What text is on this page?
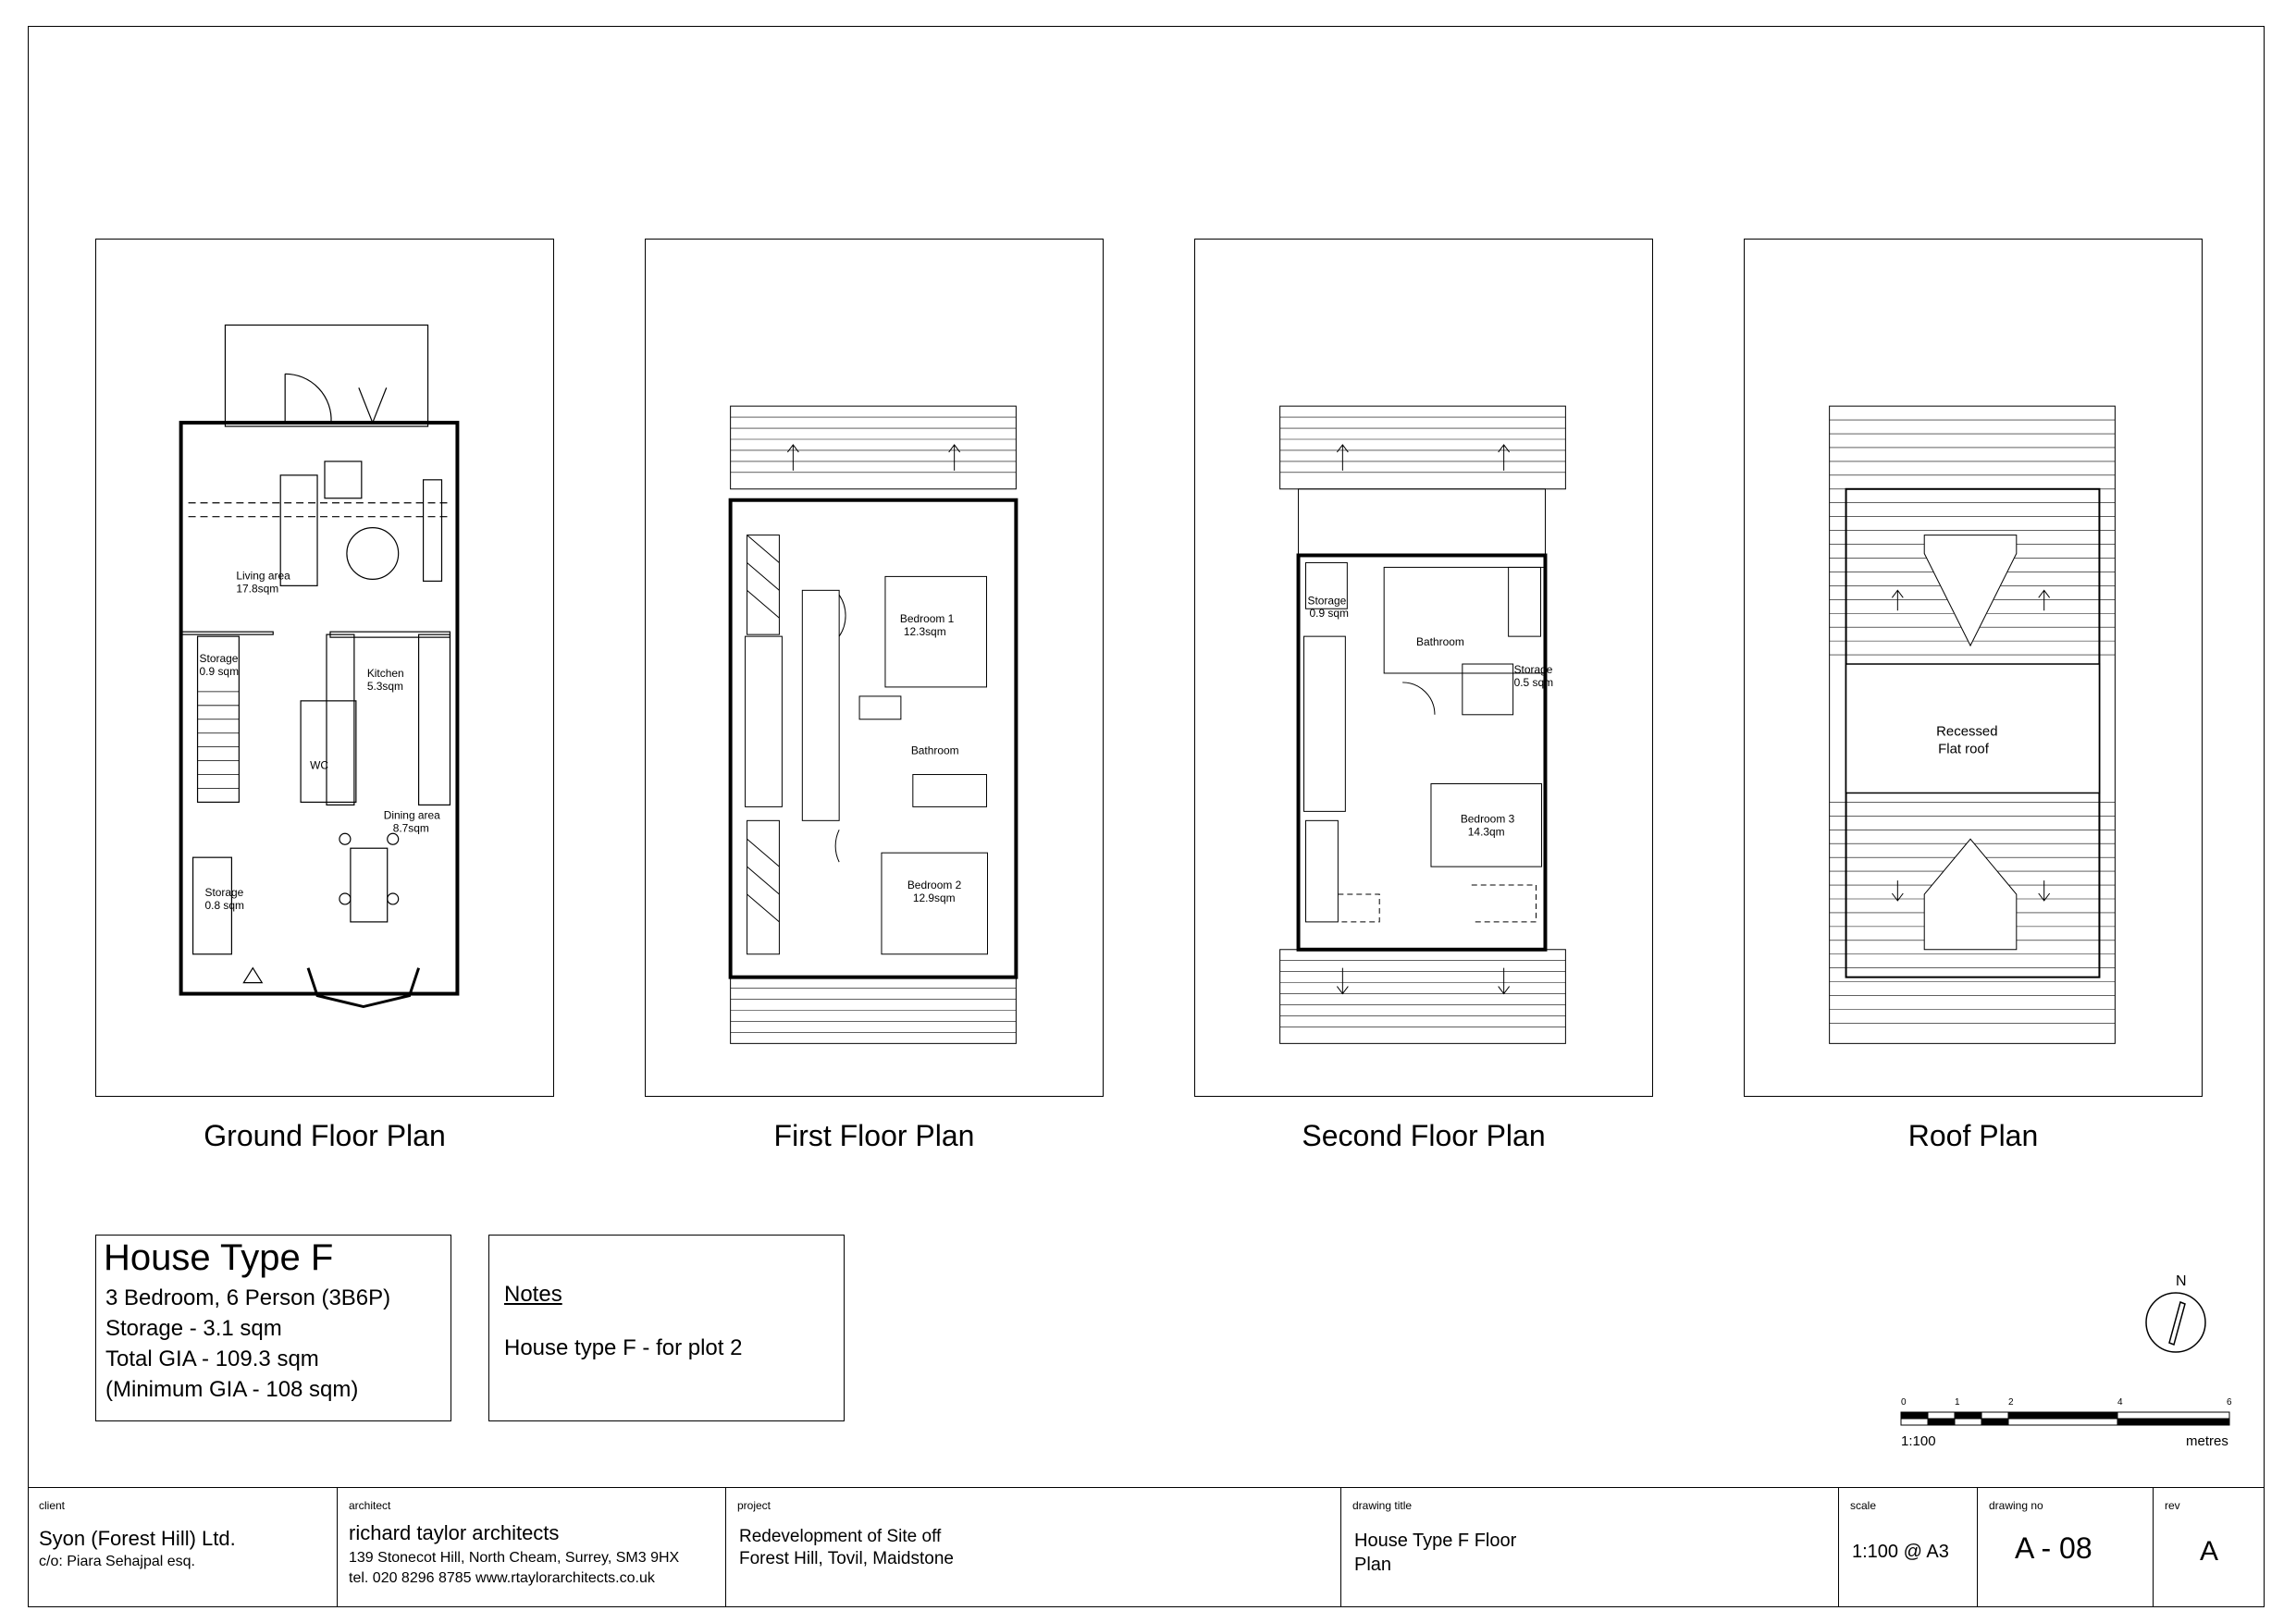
Living area
17.8sqm
Storage
0.9 sqm	Kitchen
5.3sqm
WC
Dining area
8.7sqm
Storage
0.8 sqm
Ground Floor Plan
Bedroom 1
12.3sqm
Bathroom
Bedroom 2
12.9sqm
First Floor Plan
Storage
0.9 sqm
Bathroom
Storage
0.5 sqm
Bedroom 3
14.3qm
Second Floor Plan
Recessed
Flat roof
Roof Plan
House Type F
3 Bedroom, 6 Person (3B6P)
Storage - 3.1 sqm
Total GIA - 109.3 sqm
(Minimum GIA - 108 sqm)
Notes
House type F - for plot 2
N
0	1	2	4	6
1:100	metres
client
Syon (Forest Hill) Ltd.
c/o: Piara Sehajpal esq.
architect
richard taylor architects
139 Stonecot Hill, North Cheam, Surrey, SM3 9HX
tel. 020 8296 8785 www.rtaylorarchitects.co.uk
project
Redevelopment of Site off
Forest Hill, Tovil, Maidstone
drawing title
House Type F Floor
Plan
scale
1:100 @ A3
drawing no
A - 08
rev
A
